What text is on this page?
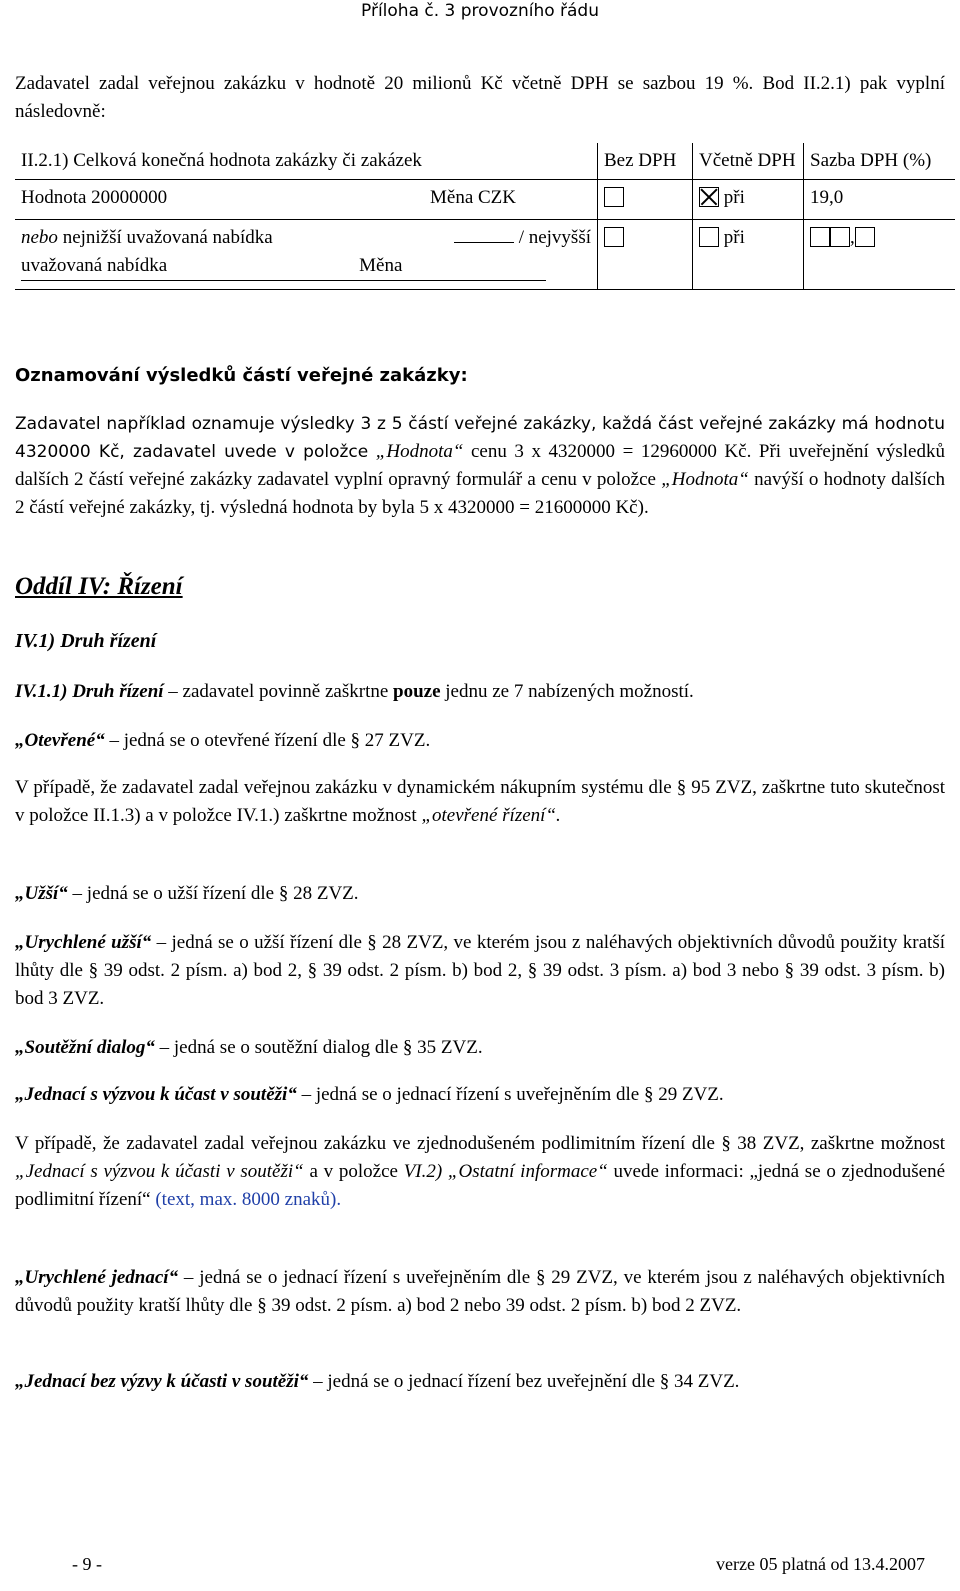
Příloha č. 3 provozního řádu
Zadavatel zadal veřejnou zakázku v hodnotě 20 milionů Kč včetně DPH se sazbou 19 %. Bod II.2.1) pak vyplní následovně:
II.2.1) Celková konečná hodnota zakázky či zakázek	Bez DPH	Včetně DPH	Sazba DPH (%)
Hodnota 20000000 Měna CZK		při	19,0

nebo nejnižší uvažovaná nabídka / nejvyšší
uvažovaná nabídka Měna		při	,
Oznamování výsledků částí veřejné zakázky:
Zadavatel například oznamuje výsledky 3 z 5 částí veřejné zakázky, každá část veřejné zakázky má hodnotu 4320000 Kč, zadavatel uvede v položce „Hodnota“ cenu 3 x 4320000 = 12960000 Kč. Při uveřejnění výsledků dalších 2 částí veřejné zakázky zadavatel vyplní opravný formulář a cenu v položce „Hodnota“ navýší o hodnoty dalších 2 částí veřejné zakázky, tj. výsledná hodnota by byla 5 x 4320000 = 21600000 Kč).
Oddíl IV: Řízení
IV.1) Druh řízení
IV.1.1) Druh řízení – zadavatel povinně zaškrtne pouze jednu ze 7 nabízených možností.
„Otevřené“ – jedná se o otevřené řízení dle § 27 ZVZ.
V případě, že zadavatel zadal veřejnou zakázku v dynamickém nákupním systému dle § 95 ZVZ, zaškrtne tuto skutečnost v položce II.1.3) a v položce IV.1.) zaškrtne možnost „otevřené řízení“.
„Užší“ – jedná se o užší řízení dle § 28 ZVZ.
„Urychlené užší“ – jedná se o užší řízení dle § 28 ZVZ, ve kterém jsou z naléhavých objektivních důvodů použity kratší lhůty dle § 39 odst. 2 písm. a) bod 2, § 39 odst. 2 písm. b) bod 2, § 39 odst. 3 písm. a) bod 3 nebo § 39 odst. 3 písm. b) bod 3 ZVZ.
„Soutěžní dialog“ – jedná se o soutěžní dialog dle § 35 ZVZ.
„Jednací s výzvou k účast v soutěži“ – jedná se o jednací řízení s uveřejněním dle § 29 ZVZ.
V případě, že zadavatel zadal veřejnou zakázku ve zjednodušeném podlimitním řízení dle § 38 ZVZ, zaškrtne možnost „Jednací s výzvou k účasti v soutěži“ a v položce VI.2) „Ostatní informace“ uvede informaci: „jedná se o zjednodušené podlimitní řízení“ (text, max. 8000 znaků).
„Urychlené jednací“ – jedná se o jednací řízení s uveřejněním dle § 29 ZVZ, ve kterém jsou z naléhavých objektivních důvodů použity kratší lhůty dle § 39 odst. 2 písm. a) bod 2 nebo 39 odst. 2 písm. b) bod 2 ZVZ.
„Jednací bez výzvy k účasti v soutěži“ – jedná se o jednací řízení bez uveřejnění dle § 34 ZVZ.
- 9 -	verze 05 platná od 13.4.2007
